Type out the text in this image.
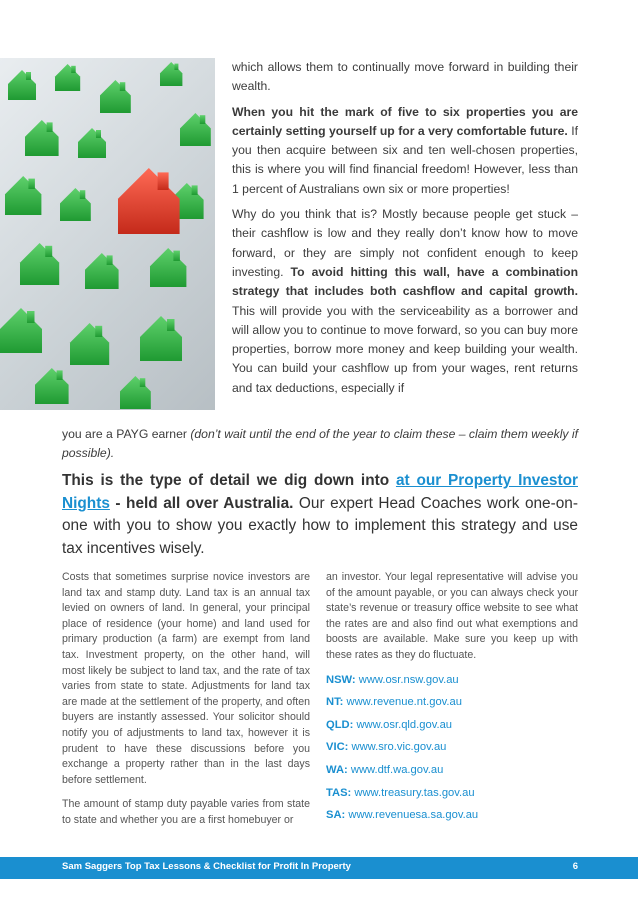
which allows them to continually move forward in building their wealth.

When you hit the mark of five to six properties you are certainly setting yourself up for a very comfortable future. If you then acquire between six and ten well-chosen properties, this is where you will find financial freedom! However, less than 1 percent of Australians own six or more properties!

Why do you think that is? Mostly because people get stuck – their cashflow is low and they really don’t know how to move forward, or they are simply not confident enough to keep investing. To avoid hitting this wall, have a combination strategy that includes both cashflow and capital growth. This will provide you with the serviceability as a borrower and will allow you to continue to move forward, so you can buy more properties, borrow more money and keep building your wealth. You can build your cashflow up from your wages, rent returns and tax deductions, especially if

you are a PAYG earner (don’t wait until the end of the year to claim these – claim them weekly if possible).
This is the type of detail we dig down into at our Property Investor Nights - held all over Australia. Our expert Head Coaches work one-on-one with you to show you exactly how to implement this strategy and use tax incentives wisely.

Costs that sometimes surprise novice investors are land tax and stamp duty. Land tax is an annual tax levied on owners of land. In general, your principal place of residence (your home) and land used for primary production (a farm) are exempt from land tax. Investment property, on the other hand, will most likely be subject to land tax, and the rate of tax varies from state to state. Adjustments for land tax are made at the settlement of the property, and often buyers are instantly assessed. Your solicitor should notify you of adjustments to land tax, however it is prudent to have these discussions before you exchange a property rather than in the last days before settlement.

The amount of stamp duty payable varies from state to state and whether you are a first homebuyer or

an investor. Your legal representative will advise you of the amount payable, or you can always check your state’s revenue or treasury office website to see what the rates are and also find out what exemptions and boosts are available. Make sure you keep up with these rates as they do fluctuate.

NSW: www.osr.nsw.gov.au
NT: www.revenue.nt.gov.au
QLD: www.osr.qld.gov.au
VIC: www.sro.vic.gov.au
WA: www.dtf.wa.gov.au
TAS: www.treasury.tas.gov.au
SA: www.revenuesa.sa.gov.au
Sam Saggers Top Tax Lessons & Checklist for Profit In Property	6
